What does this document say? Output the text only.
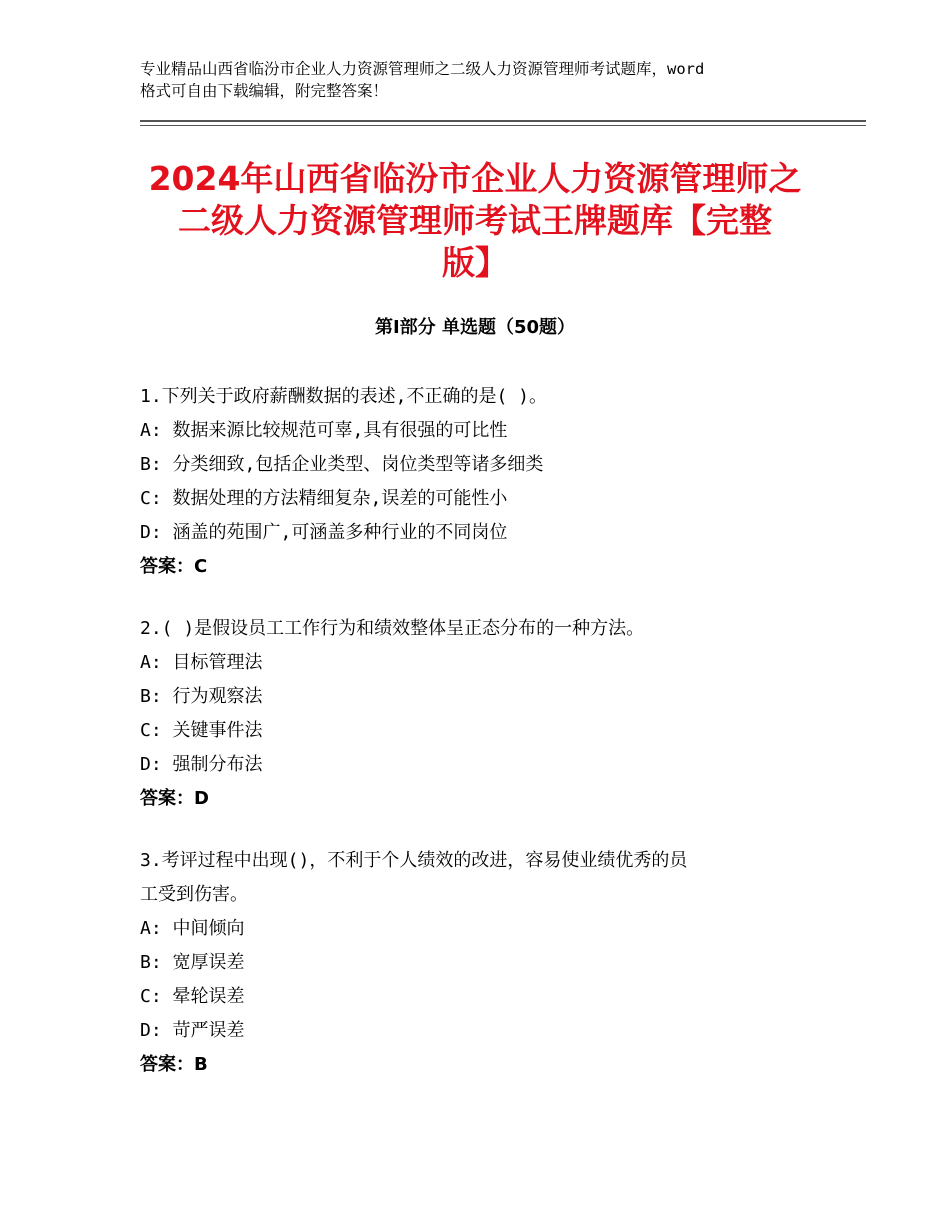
专业精品山西省临汾市企业人力资源管理师之二级人力资源管理师考试题库，word
格式可自由下载编辑，附完整答案！
2024年山西省临汾市企业人力资源管理师之
二级人力资源管理师考试王牌题库【完整
版】
第Ⅰ部分 单选题（50题）
1.下列关于政府薪酬数据的表述,不正确的是( )。
A: 数据来源比较规范可辜,具有很强的可比性
B: 分类细致,包括企业类型、岗位类型等诸多细类
C: 数据处理的方法精细复杂,误差的可能性小
D: 涵盖的苑围广,可涵盖多种行业的不同岗位
答案：C
2.( )是假设员工工作行为和绩效整体呈正态分布的一种方法。
A: 目标管理法
B: 行为观察法
C: 关键事件法
D: 强制分布法
答案：D
3.考评过程中出现()，不利于个人绩效的改进，容易使业绩优秀的员
工受到伤害。
A: 中间倾向
B: 宽厚误差
C: 晕轮误差
D: 苛严误差
答案：B
